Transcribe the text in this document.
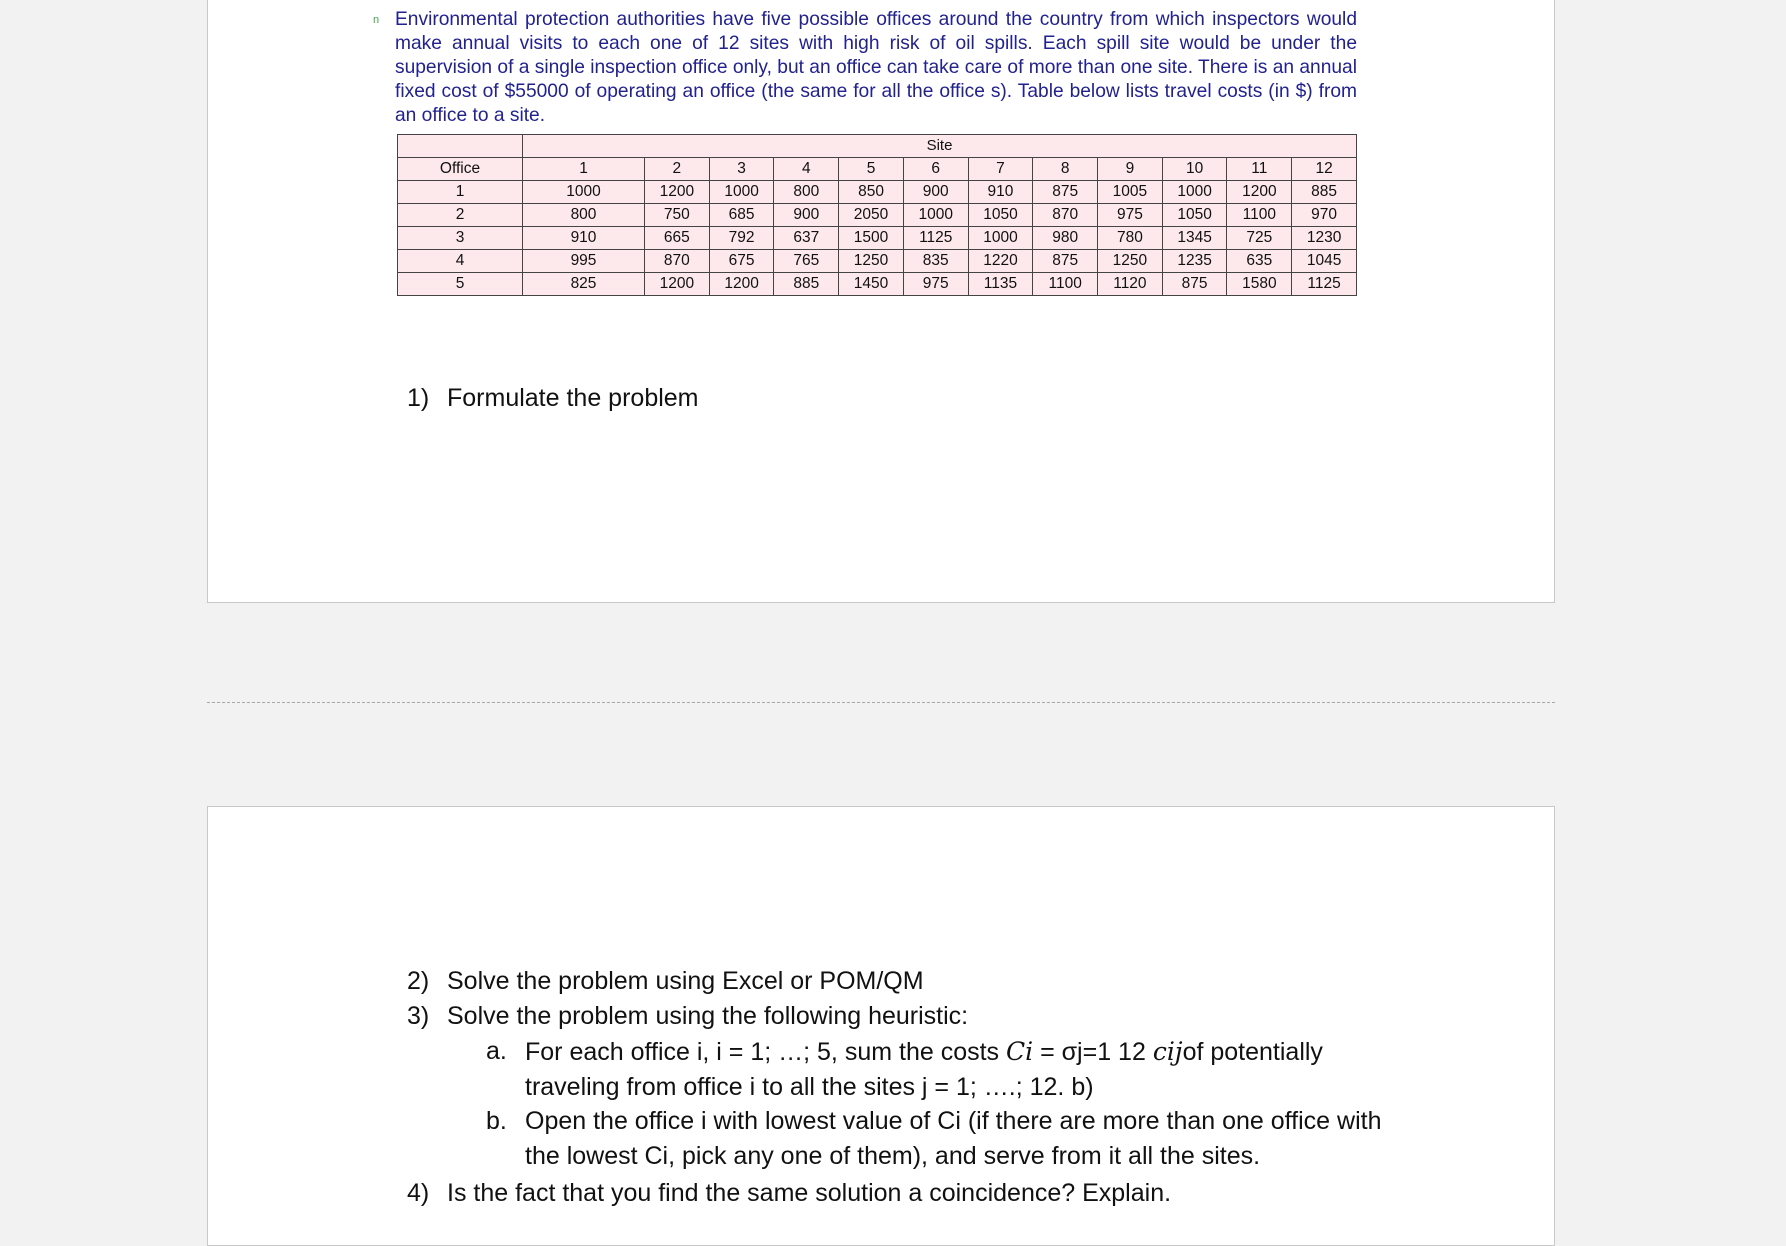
n Environmental protection authorities have five possible offices around the country from which inspectors would make annual visits to each one of 12 sites with high risk of oil spills. Each spill site would be under the supervision of a single inspection office only, but an office can take care of more than one site. There is an annual fixed cost of $55000 of operating an office (the same for all the office s). Table below lists travel costs (in $) from an office to a site.

	Site											
Office	1	2	3	4	5	6	7	8	9	10	11	12
1	1000	1200	1000	800	850	900	910	875	1005	1000	1200	885
2	800	750	685	900	2050	1000	1050	870	975	1050	1100	970
3	910	665	792	637	1500	1125	1000	980	780	1345	725	1230
4	995	870	675	765	1250	835	1220	875	1250	1235	635	1045
5	825	1200	1200	885	1450	975	1135	1100	1120	875	1580	1125

1) Formulate the problem

2) Solve the problem using Excel or POM/QM

3) Solve the problem using the following heuristic:

a. For each office i, i = 1; …; 5, sum the costs Ci = σj=1 12 cijof potentially traveling from office i to all the sites j = 1; ….; 12. b)
b. Open the office i with lowest value of Ci (if there are more than one office with the lowest Ci, pick any one of them), and serve from it all the sites.

4) Is the fact that you find the same solution a coincidence? Explain.
